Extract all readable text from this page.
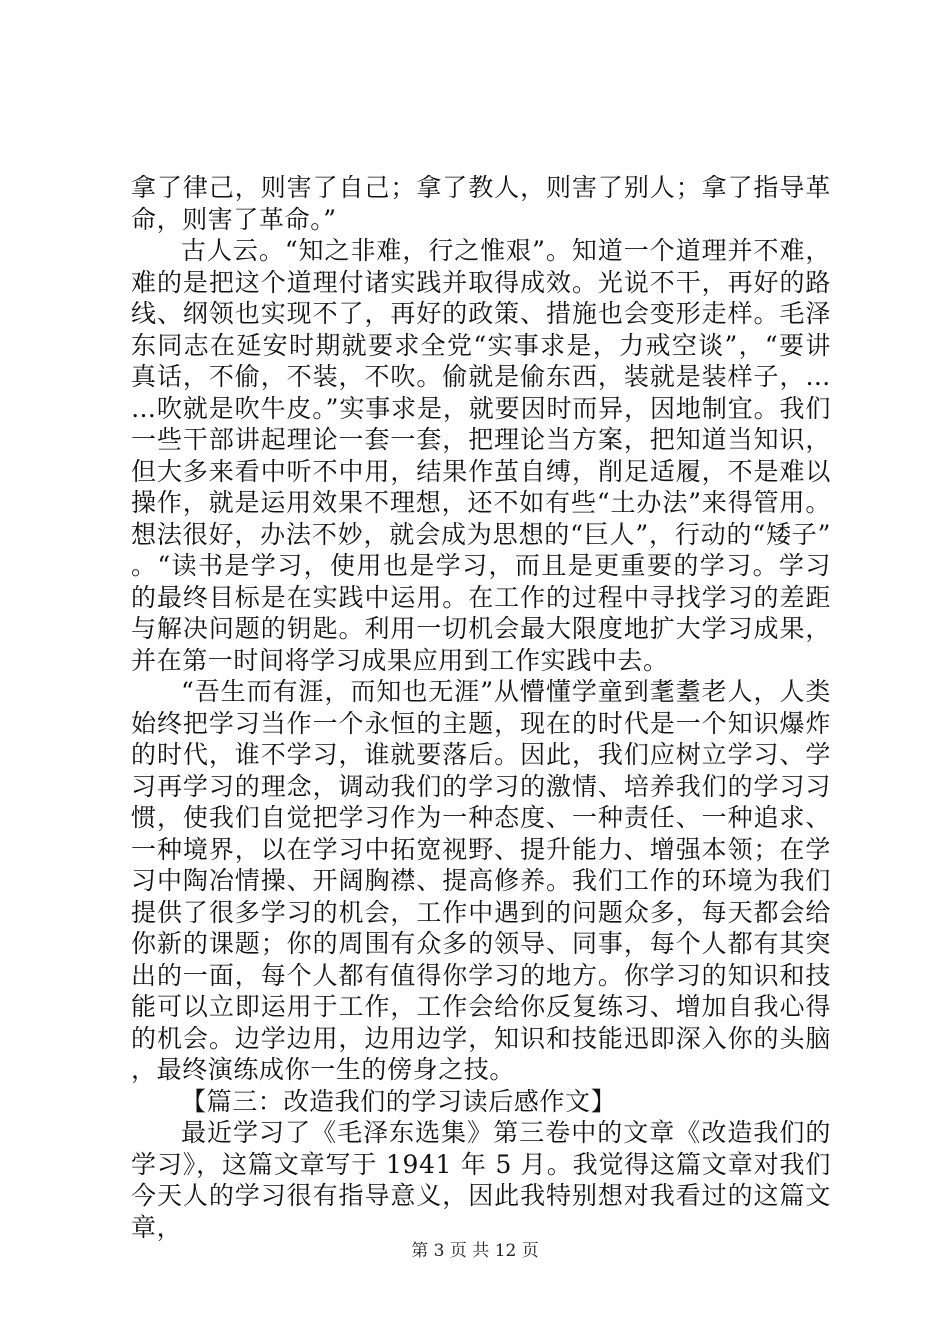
拿了律己，则害了自己；拿了教人，则害了别人；拿了指导革命，则害了革命。”

古人云。“知之非难，行之惟艰”。知道一个道理并不难，难的是把这个道理付诸实践并取得成效。光说不干，再好的路线、纲领也实现不了，再好的政策、措施也会变形走样。毛泽东同志在延安时期就要求全党“实事求是，力戒空谈”，“要讲真话，不偷，不装，不吹。偷就是偷东西，装就是装样子，……吹就是吹牛皮。”实事求是，就要因时而异，因地制宜。我们一些干部讲起理论一套一套，把理论当方案，把知道当知识，但大多来看中听不中用，结果作茧自缚，削足适履，不是难以操作，就是运用效果不理想，还不如有些“土办法”来得管用。想法很好，办法不妙，就会成为思想的“巨人”，行动的“矮子”。“读书是学习，使用也是学习，而且是更重要的学习。学习的最终目标是在实践中运用。在工作的过程中寻找学习的差距与解决问题的钥匙。利用一切机会最大限度地扩大学习成果，并在第一时间将学习成果应用到工作实践中去。

“吾生而有涯，而知也无涯”从懵懂学童到耄耋老人，人类始终把学习当作一个永恒的主题，现在的时代是一个知识爆炸的时代，谁不学习，谁就要落后。因此，我们应树立学习、学习再学习的理念，调动我们的学习的激情、培养我们的学习习惯，使我们自觉把学习作为一种态度、一种责任、一种追求、一种境界，以在学习中拓宽视野、提升能力、增强本领；在学习中陶冶情操、开阔胸襟、提高修养。我们工作的环境为我们提供了很多学习的机会，工作中遇到的问题众多，每天都会给你新的课题；你的周围有众多的领导、同事，每个人都有其突出的一面，每个人都有值得你学习的地方。你学习的知识和技能可以立即运用于工作，工作会给你反复练习、增加自我心得的机会。边学边用，边用边学，知识和技能迅即深入你的头脑，最终演练成你一生的傍身之技。

【篇三：改造我们的学习读后感作文】

最近学习了《毛泽东选集》第三卷中的文章《改造我们的学习》，这篇文章写于 1941 年 5 月。我觉得这篇文章对我们今天人的学习很有指导意义，因此我特别想对我看过的这篇文章，

第 3 页 共 12 页
